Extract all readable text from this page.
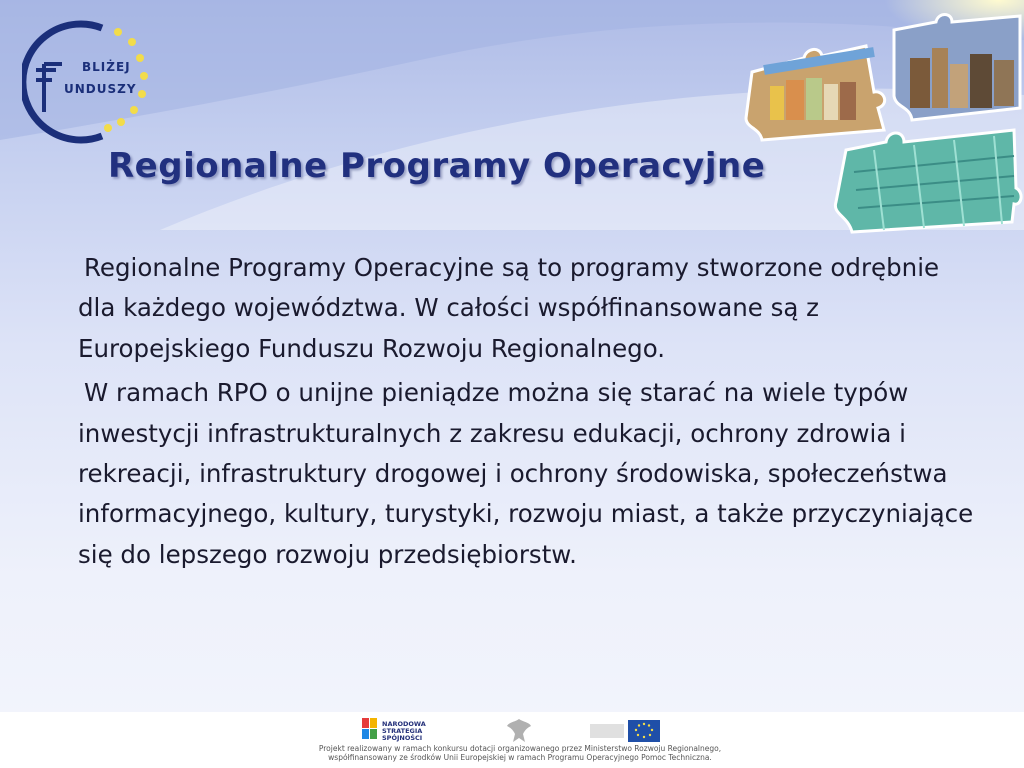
BLIŻEJ
UNDUSZY
Regionalne Programy Operacyjne

Regionalne Programy Operacyjne są to programy stworzone odrębnie dla każdego województwa. W całości współfinansowane są z Europejskiego Funduszu Rozwoju Regionalnego.

W ramach RPO o unijne pieniądze można się starać na wiele typów inwestycji infrastrukturalnych z zakresu edukacji, ochrony zdrowia i rekreacji, infrastruktury drogowej i ochrony środowiska, społeczeństwa informacyjnego, kultury, turystyki, rozwoju miast, a także przyczyniające się do lepszego rozwoju przedsiębiorstw.

NARODOWA STRATEGIA SPÓJNOŚCI
Projekt realizowany w ramach konkursu dotacji organizowanego przez Ministerstwo Rozwoju Regionalnego, współfinansowany ze środków Unii Europejskiej w ramach Programu Operacyjnego Pomoc Techniczna.
